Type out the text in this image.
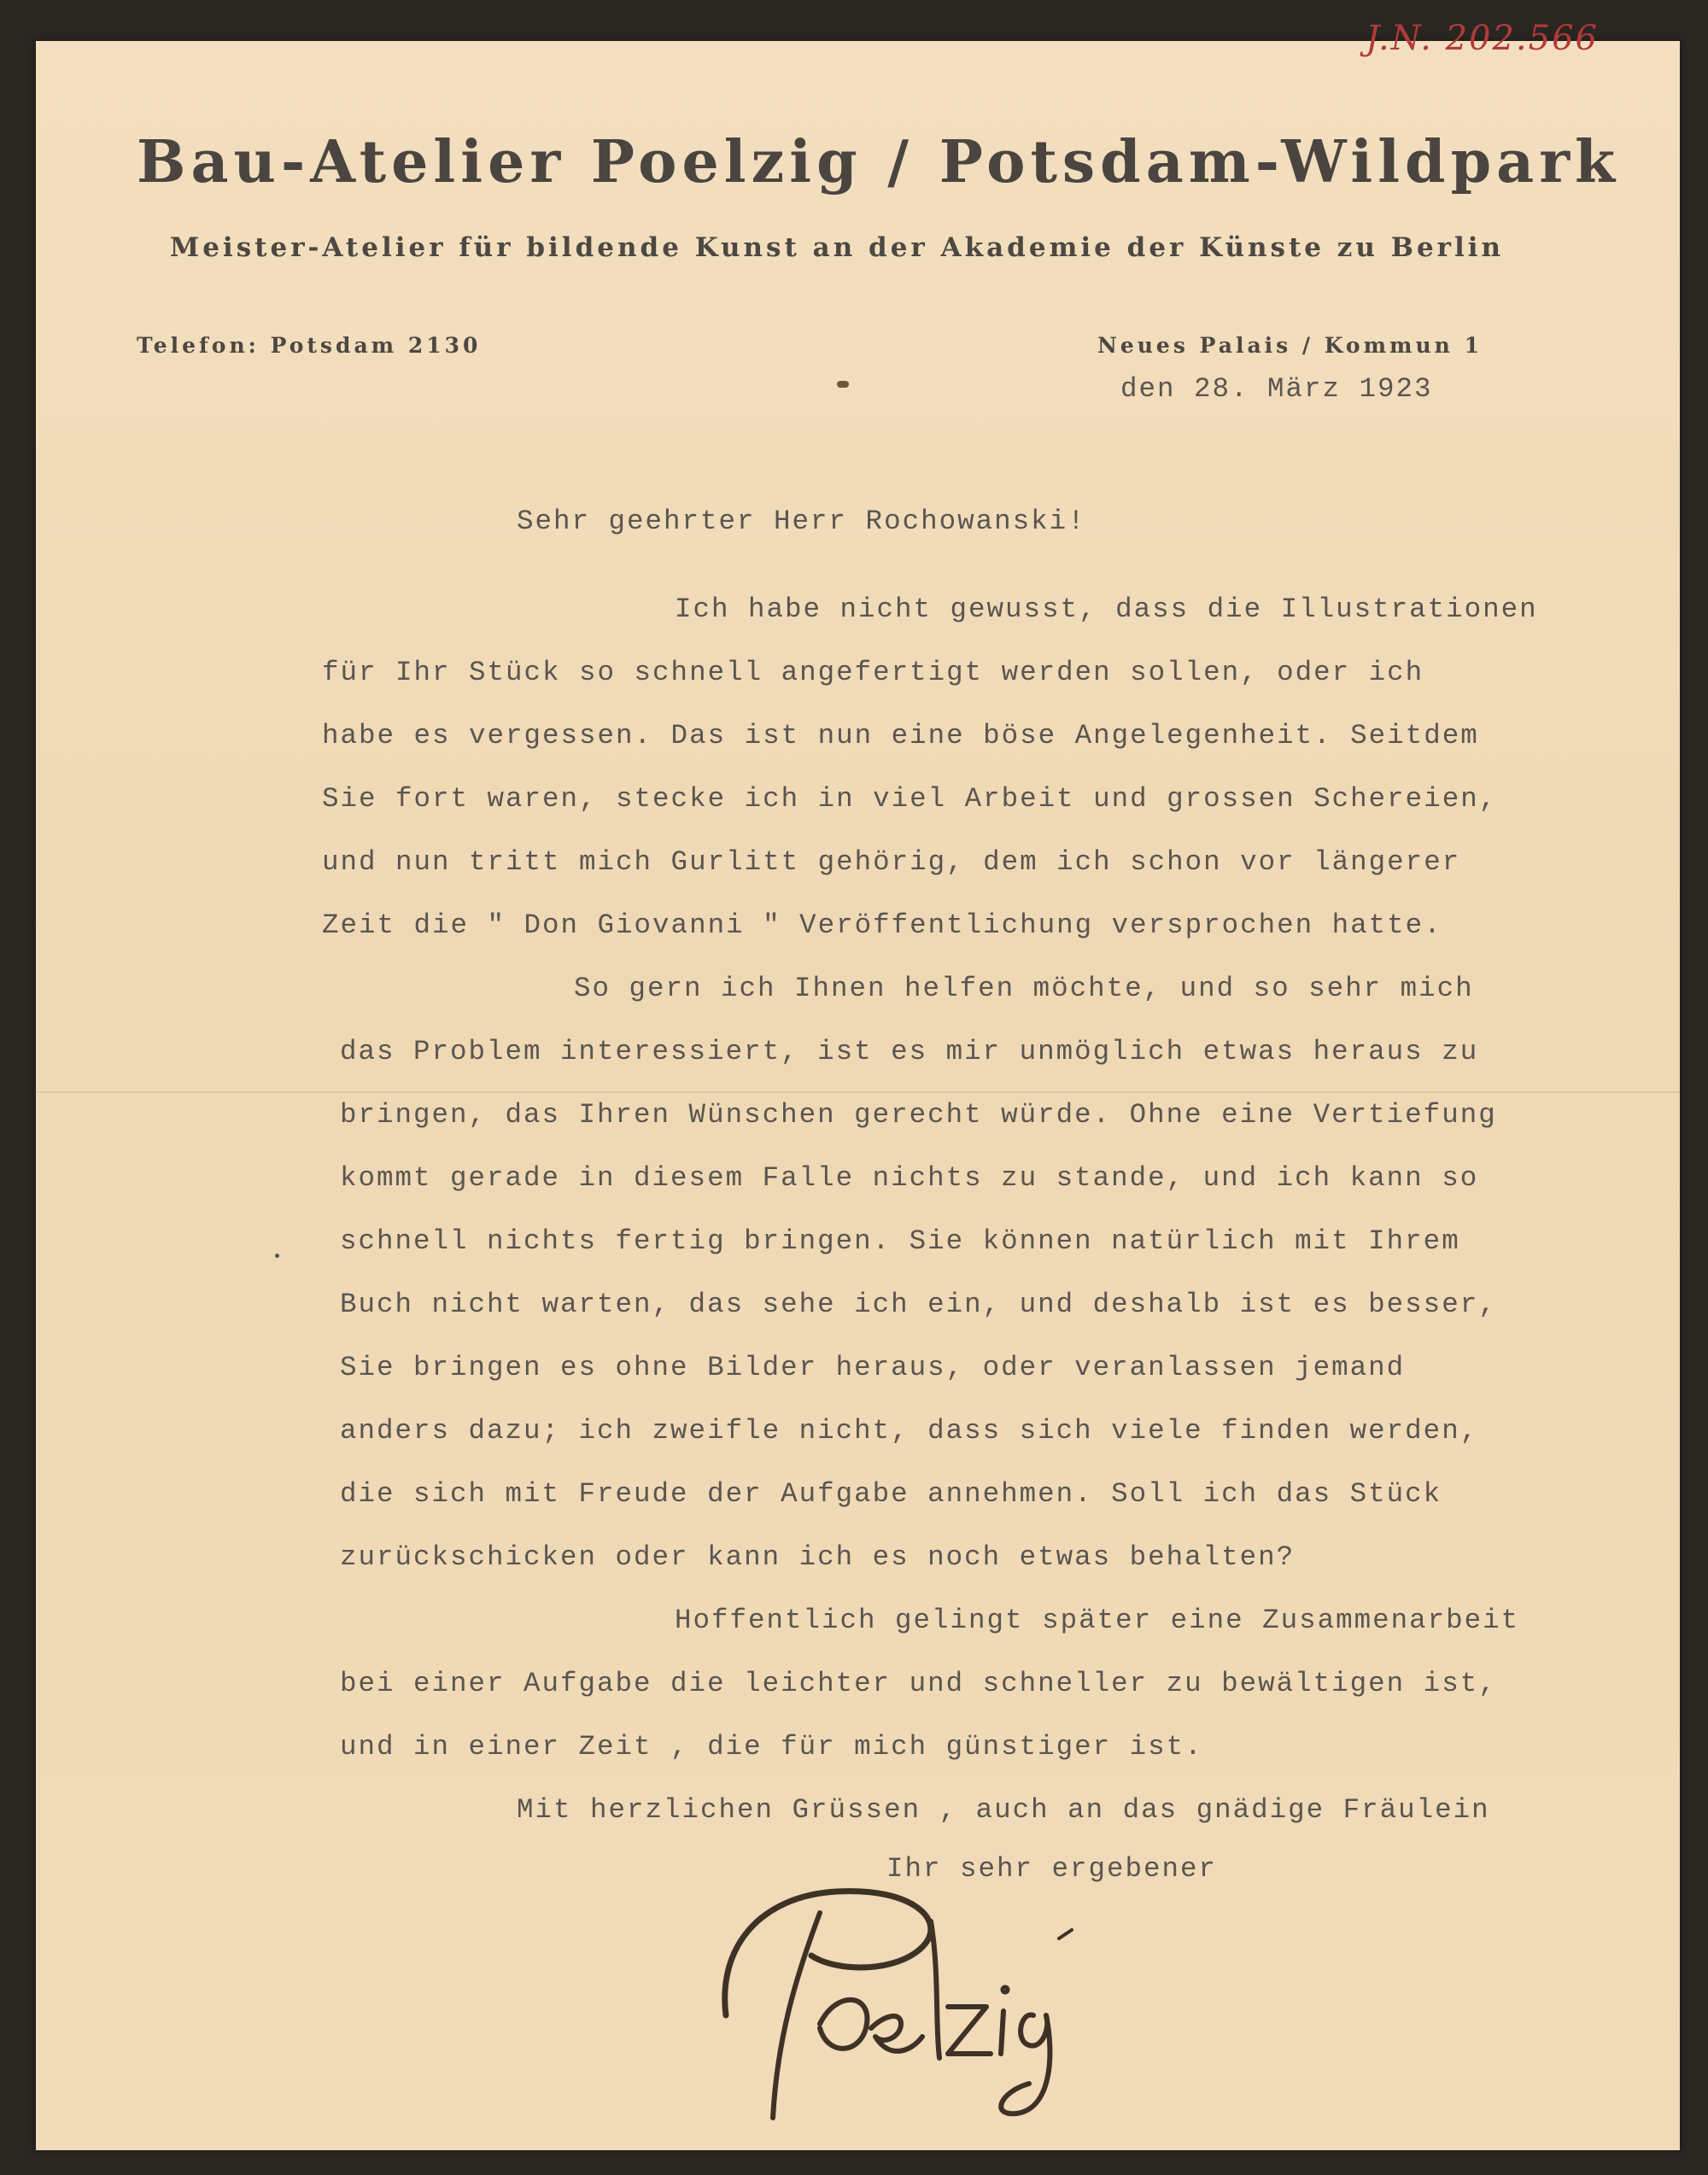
J.N. 202.566
Bau-Atelier Poelzig / Potsdam-Wildpark
Meister-Atelier für bildende Kunst an der Akademie der Künste zu Berlin
Telefon: Potsdam 2130	Neues Palais / Kommun 1
den 28. März 1923
Sehr geehrter Herr Rochowanski!
Ich habe nicht gewusst, dass die Illustrationen
für Ihr Stück so schnell angefertigt werden sollen, oder ich
habe es vergessen. Das ist nun eine böse Angelegenheit. Seitdem
Sie fort waren, stecke ich in viel Arbeit und grossen Schereien,
und nun tritt mich Gurlitt gehörig, dem ich schon vor längerer
Zeit die " Don Giovanni " Veröffentlichung versprochen hatte.
So gern ich Ihnen helfen möchte, und so sehr mich
das Problem interessiert, ist es mir unmöglich etwas heraus zu
bringen, das Ihren Wünschen gerecht würde. Ohne eine Vertiefung
kommt gerade in diesem Falle nichts zu stande, und ich kann so
schnell nichts fertig bringen. Sie können natürlich mit Ihrem
Buch nicht warten, das sehe ich ein, und deshalb ist es besser,
Sie bringen es ohne Bilder heraus, oder veranlassen jemand
anders dazu; ich zweifle nicht, dass sich viele finden werden,
die sich mit Freude der Aufgabe annehmen. Soll ich das Stück
zurückschicken oder kann ich es noch etwas behalten?
Hoffentlich gelingt später eine Zusammenarbeit
bei einer Aufgabe die leichter und schneller zu bewältigen ist,
und in einer Zeit , die für mich günstiger ist.
Mit herzlichen Grüssen , auch an das gnädige Fräulein
Ihr sehr ergebener
